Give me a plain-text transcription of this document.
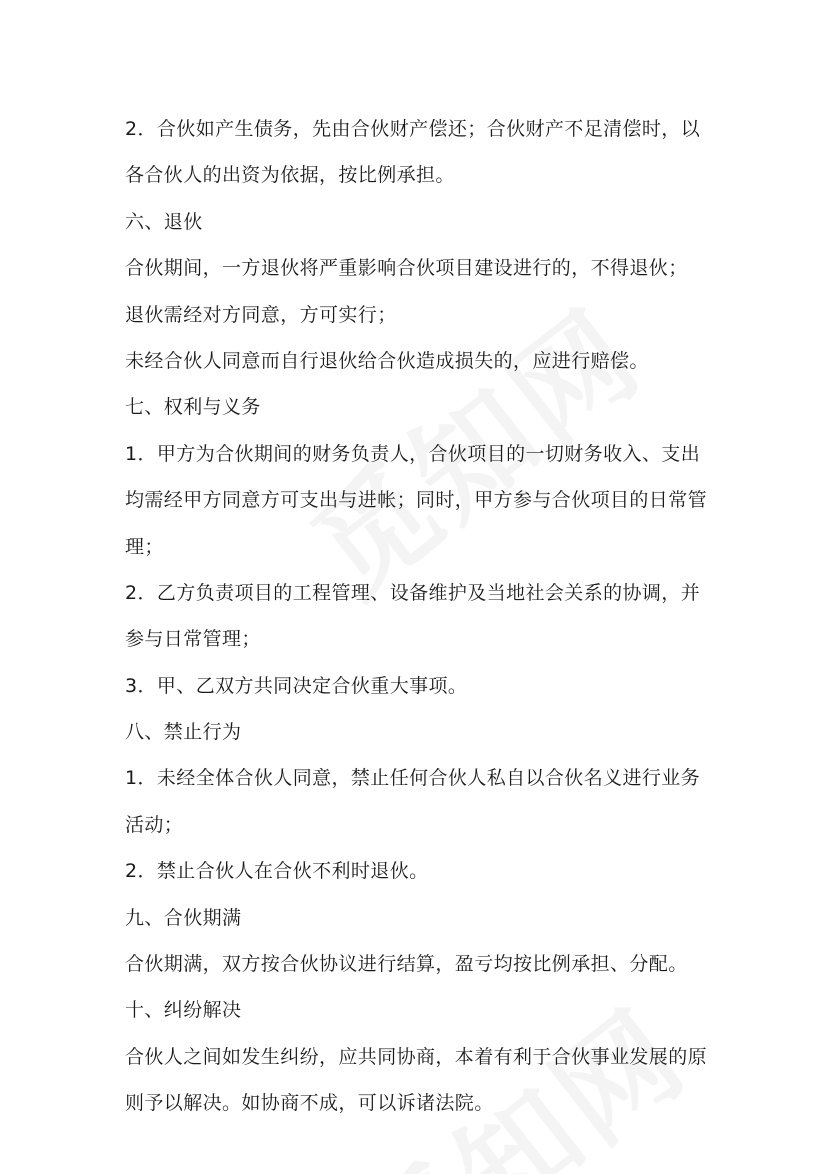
2．合伙如产生债务，先由合伙财产偿还；合伙财产不足清偿时，以
各合伙人的出资为依据，按比例承担。
六、退伙
合伙期间，一方退伙将严重影响合伙项目建设进行的，不得退伙；
退伙需经对方同意，方可实行；
未经合伙人同意而自行退伙给合伙造成损失的，应进行赔偿。
七、权利与义务
1．甲方为合伙期间的财务负责人，合伙项目的一切财务收入、支出
均需经甲方同意方可支出与进帐；同时，甲方参与合伙项目的日常管
理；
2．乙方负责项目的工程管理、设备维护及当地社会关系的协调，并
参与日常管理；
3．甲、乙双方共同决定合伙重大事项。
八、禁止行为
1．未经全体合伙人同意，禁止任何合伙人私自以合伙名义进行业务
活动；
2．禁止合伙人在合伙不利时退伙。
九、合伙期满
合伙期满，双方按合伙协议进行结算，盈亏均按比例承担、分配。
十、纠纷解决
合伙人之间如发生纠纷，应共同协商，本着有利于合伙事业发展的原
则予以解决。如协商不成，可以诉诸法院。
